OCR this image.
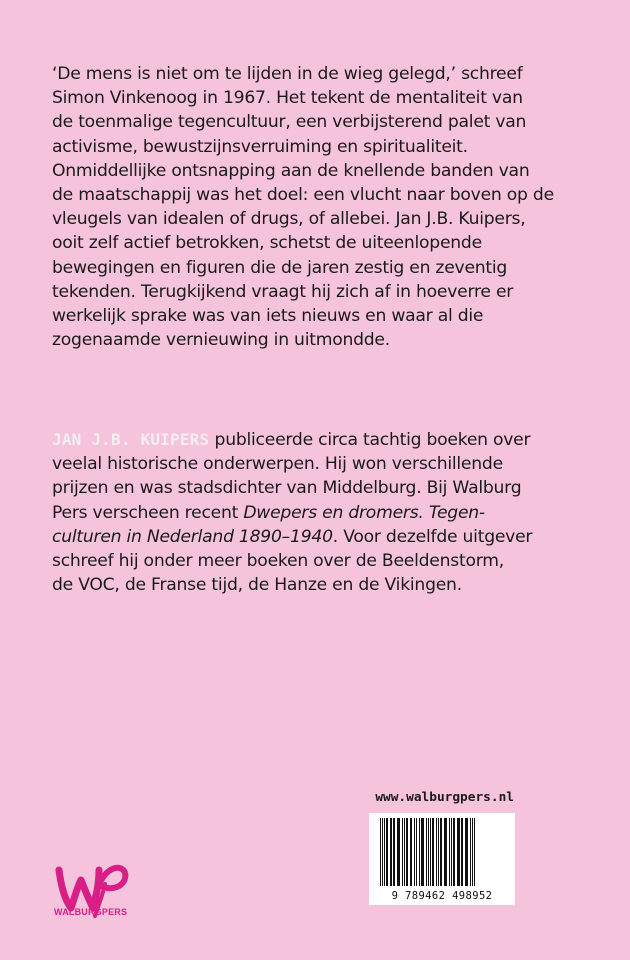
‘De mens is niet om te lijden in de wieg gelegd,’ schreef
Simon Vinkenoog in 1967. Het tekent de mentaliteit van
de toenmalige tegencultuur, een verbijsterend palet van
activisme, bewustzijnsverruiming en spiritualiteit.
Onmiddellijke ontsnapping aan de knellende banden van
de maatschappij was het doel: een vlucht naar boven op de
vleugels van idealen of drugs, of allebei. Jan J.B. Kuipers,
ooit zelf actief betrokken, schetst de uiteenlopende
bewegingen en figuren die de jaren zestig en zeventig
tekenden. Terugkijkend vraagt hij zich af in hoeverre er
werkelijk sprake was van iets nieuws en waar al die
zogenaamde vernieuwing in uitmondde.
JAN J.B. KUIPERS publiceerde circa tachtig boeken over
veelal historische onderwerpen. Hij won verschillende
prijzen en was stadsdichter van Middelburg. Bij Walburg
Pers verscheen recent Dwepers en dromers. Tegen-
culturen in Nederland 1890–1940. Voor dezelfde uitgever
schreef hij onder meer boeken over de Beeldenstorm,
de VOC, de Franse tijd, de Hanze en de Vikingen.
www.walburgpers.nl
9 789462 498952
WALBURGPERS
